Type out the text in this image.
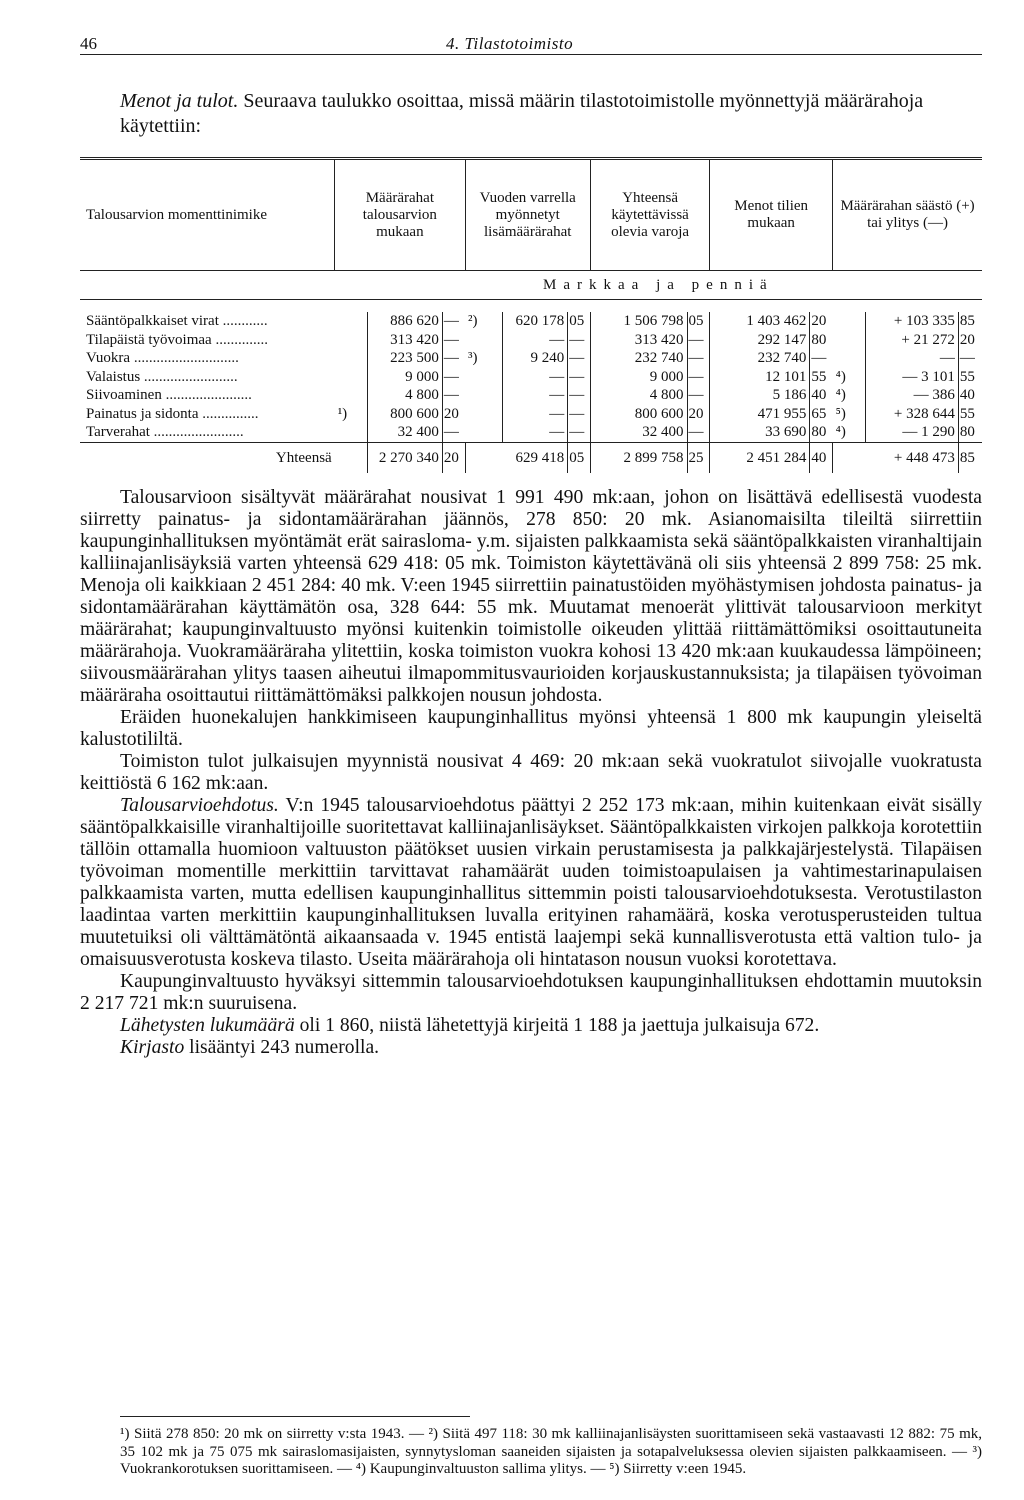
46	4. Tilastotoimisto

Menot ja tulot. Seuraava taulukko osoittaa, missä määrin tilastotoimistolle myönnettyjä määrärahoja käytettiin:

Talousarvion momenttinimike	Määrärahat talousarvion mukaan			Vuoden varrella myönnetyt lisämäärärahat			Yhteensä käytettävissä olevia varoja		Menot tilien mukaan		Määrärahan säästö (+) tai ylitys (—)		
	Markkaa ja penniä												

Sääntöpalkkaiset virat ............		886 620	—	²)	620 178	05	1 506 798	05	1 403 462	20		+ 103 335	85
Tilapäistä työvoimaa ..............		313 420	—		—	—	313 420	—	292 147	80		+ 21 272	20
Vuokra ............................		223 500	—	³)	9 240	—	232 740	—	232 740	—		—	—
Valaistus .........................		9 000	—		—	—	9 000	—	12 101	55	⁴)	— 3 101	55
Siivoaminen .......................		4 800	—		—	—	4 800	—	5 186	40	⁴)	— 386	40
Painatus ja sidonta ...............	¹)	800 600	20		—	—	800 600	20	471 955	65	⁵)	+ 328 644	55
Tarverahat ........................		32 400	—		—	—	32 400	—	33 690	80	⁴)	— 1 290	80
Yhteensä		2 270 340	20	629 418		05	2 899 758	25	2 451 284	40	+ 448 473		85

Talousarvioon sisältyvät määrärahat nousivat 1 991 490 mk:aan, johon on lisättävä edellisestä vuodesta siirretty painatus- ja sidontamäärärahan jäännös, 278 850: 20 mk. Asianomaisilta tileiltä siirrettiin kaupunginhallituksen myöntämät erät sairasloma- y.m. sijaisten palkkaamista sekä sääntöpalkkaisten viranhaltijain kalliinajanlisäyksiä varten yhteensä 629 418: 05 mk. Toimiston käytettävänä oli siis yhteensä 2 899 758: 25 mk. Menoja oli kaikkiaan 2 451 284: 40 mk. V:een 1945 siirrettiin painatustöiden myöhästymisen johdosta painatus- ja sidontamäärärahan käyttämätön osa, 328 644: 55 mk. Muutamat menoerät ylittivät talousarvioon merkityt määrärahat; kaupunginvaltuusto myönsi kuitenkin toimistolle oikeuden ylittää riittämättömiksi osoittautuneita määrärahoja. Vuokramääräraha ylitettiin, koska toimiston vuokra kohosi 13 420 mk:aan kuukaudessa lämpöineen; siivousmäärärahan ylitys taasen aiheutui ilmapommitusvaurioiden korjauskustannuksista; ja tilapäisen työvoiman määräraha osoittautui riittämättömäksi palkkojen nousun johdosta.

Eräiden huonekalujen hankkimiseen kaupunginhallitus myönsi yhteensä 1 800 mk kaupungin yleiseltä kalustotililtä.

Toimiston tulot julkaisujen myynnistä nousivat 4 469: 20 mk:aan sekä vuokratulot siivojalle vuokratusta keittiöstä 6 162 mk:aan.

Talousarvioehdotus. V:n 1945 talousarvioehdotus päättyi 2 252 173 mk:aan, mihin kuitenkaan eivät sisälly sääntöpalkkaisille viranhaltijoille suoritettavat kalliinajanlisäykset. Sääntöpalkkaisten virkojen palkkoja korotettiin tällöin ottamalla huomioon valtuuston päätökset uusien virkain perustamisesta ja palkkajärjestelystä. Tilapäisen työvoiman momentille merkittiin tarvittavat rahamäärät uuden toimistoapulaisen ja vahtimestarinapulaisen palkkaamista varten, mutta edellisen kaupunginhallitus sittemmin poisti talousarvioehdotuksesta. Verotustilaston laadintaa varten merkittiin kaupunginhallituksen luvalla erityinen rahamäärä, koska verotusperusteiden tultua muutetuiksi oli välttämätöntä aikaansaada v. 1945 entistä laajempi sekä kunnallisverotusta että valtion tulo- ja omaisuusverotusta koskeva tilasto. Useita määrärahoja oli hintatason nousun vuoksi korotettava.

Kaupunginvaltuusto hyväksyi sittemmin talousarvioehdotuksen kaupunginhallituksen ehdottamin muutoksin 2 217 721 mk:n suuruisena.

Lähetysten lukumäärä oli 1 860, niistä lähetettyjä kirjeitä 1 188 ja jaettuja julkaisuja 672.

Kirjasto lisääntyi 243 numerolla.

¹) Siitä 278 850: 20 mk on siirretty v:sta 1943. — ²) Siitä 497 118: 30 mk kalliinajanlisäysten suorittamiseen sekä vastaavasti 12 882: 75 mk, 35 102 mk ja 75 075 mk sairaslomasijaisten, synnytysloman saaneiden sijaisten ja sotapalveluksessa olevien sijaisten palkkaamiseen. — ³) Vuokrankorotuksen suorittamiseen. — ⁴) Kaupunginvaltuuston sallima ylitys. — ⁵) Siirretty v:een 1945.
